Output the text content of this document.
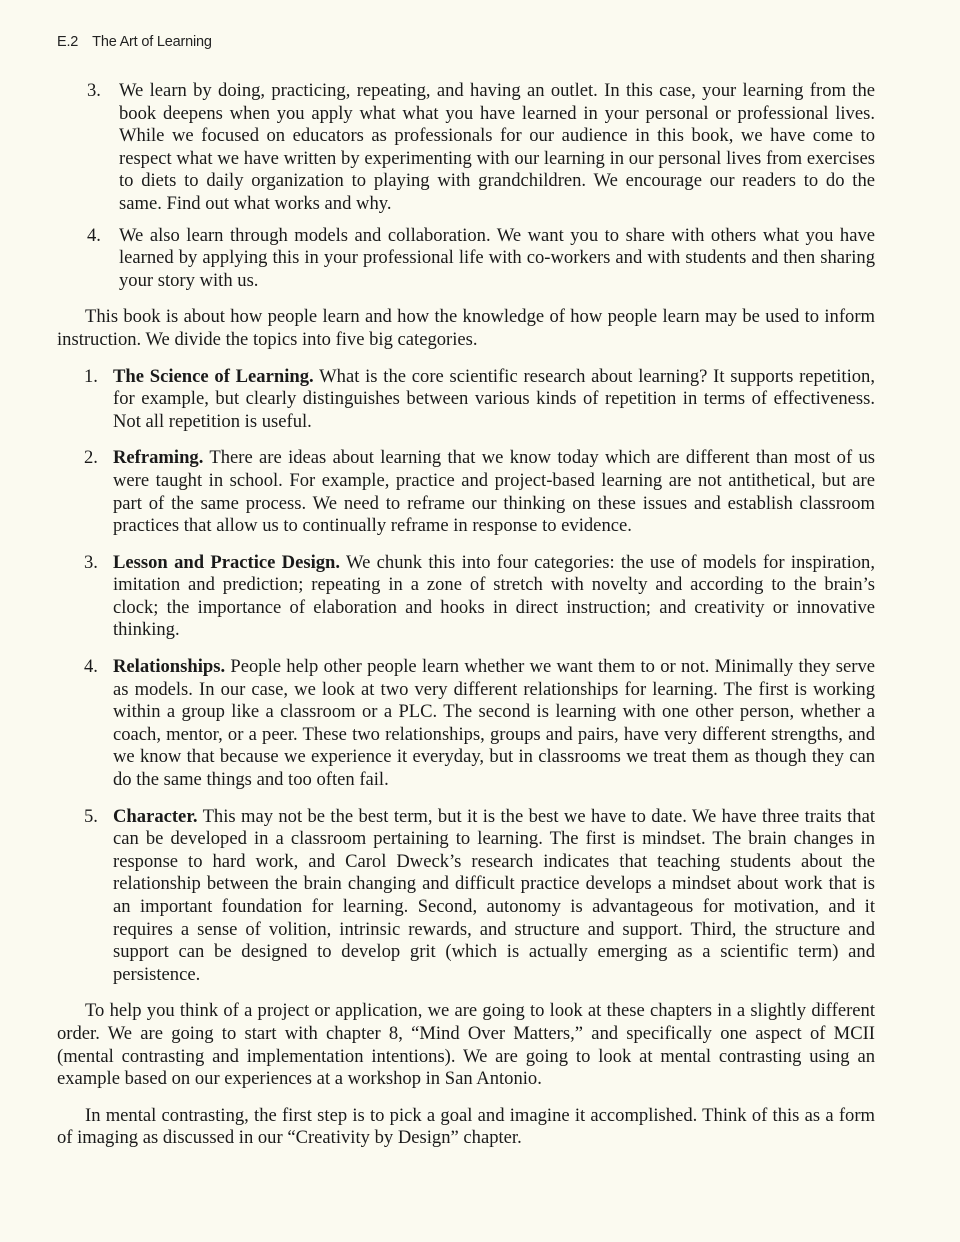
E.2 The Art of Learning
3. We learn by doing, practicing, repeating, and having an outlet. In this case, your learning from the book deepens when you apply what what you have learned in your personal or professional lives. While we focused on educators as professionals for our audience in this book, we have come to respect what we have written by experimenting with our learning in our personal lives from exercises to diets to daily organization to playing with grandchildren. We encourage our readers to do the same. Find out what works and why.
4. We also learn through models and collaboration. We want you to share with others what you have learned by applying this in your professional life with co-workers and with students and then sharing your story with us.

This book is about how people learn and how the knowledge of how people learn may be used to inform instruction. We divide the topics into five big categories.

1. The Science of Learning. What is the core scientific research about learning? It supports repetition, for example, but clearly distinguishes between various kinds of repetition in terms of effectiveness. Not all repetition is useful.
2. Reframing. There are ideas about learning that we know today which are different than most of us were taught in school. For example, practice and project-based learning are not antithetical, but are part of the same process. We need to reframe our thinking on these issues and establish classroom practices that allow us to continually reframe in response to evidence.
3. Lesson and Practice Design. We chunk this into four categories: the use of models for inspiration, imitation and prediction; repeating in a zone of stretch with novelty and according to the brain’s clock; the importance of elaboration and hooks in direct instruction; and creativity or innovative thinking.
4. Relationships. People help other people learn whether we want them to or not. Minimally they serve as models. In our case, we look at two very different relationships for learning. The first is working within a group like a classroom or a PLC. The second is learning with one other person, whether a coach, mentor, or a peer. These two relationships, groups and pairs, have very different strengths, and we know that because we experience it everyday, but in classrooms we treat them as though they can do the same things and too often fail.
5. Character. This may not be the best term, but it is the best we have to date. We have three traits that can be developed in a classroom pertaining to learning. The first is mindset. The brain changes in response to hard work, and Carol Dweck’s research indicates that teaching students about the relationship between the brain changing and difficult practice develops a mindset about work that is an important foundation for learning. Second, autonomy is advantageous for motivation, and it requires a sense of volition, intrinsic rewards, and structure and support. Third, the structure and support can be designed to develop grit (which is actually emerging as a scientific term) and persistence.

To help you think of a project or application, we are going to look at these chapters in a slightly different order. We are going to start with chapter 8, “Mind Over Matters,” and specifically one aspect of MCII (mental contrasting and implementation intentions). We are going to look at mental contrasting using an example based on our experiences at a workshop in San Antonio.

In mental contrasting, the first step is to pick a goal and imagine it accomplished. Think of this as a form of imaging as discussed in our “Creativity by Design” chapter.
